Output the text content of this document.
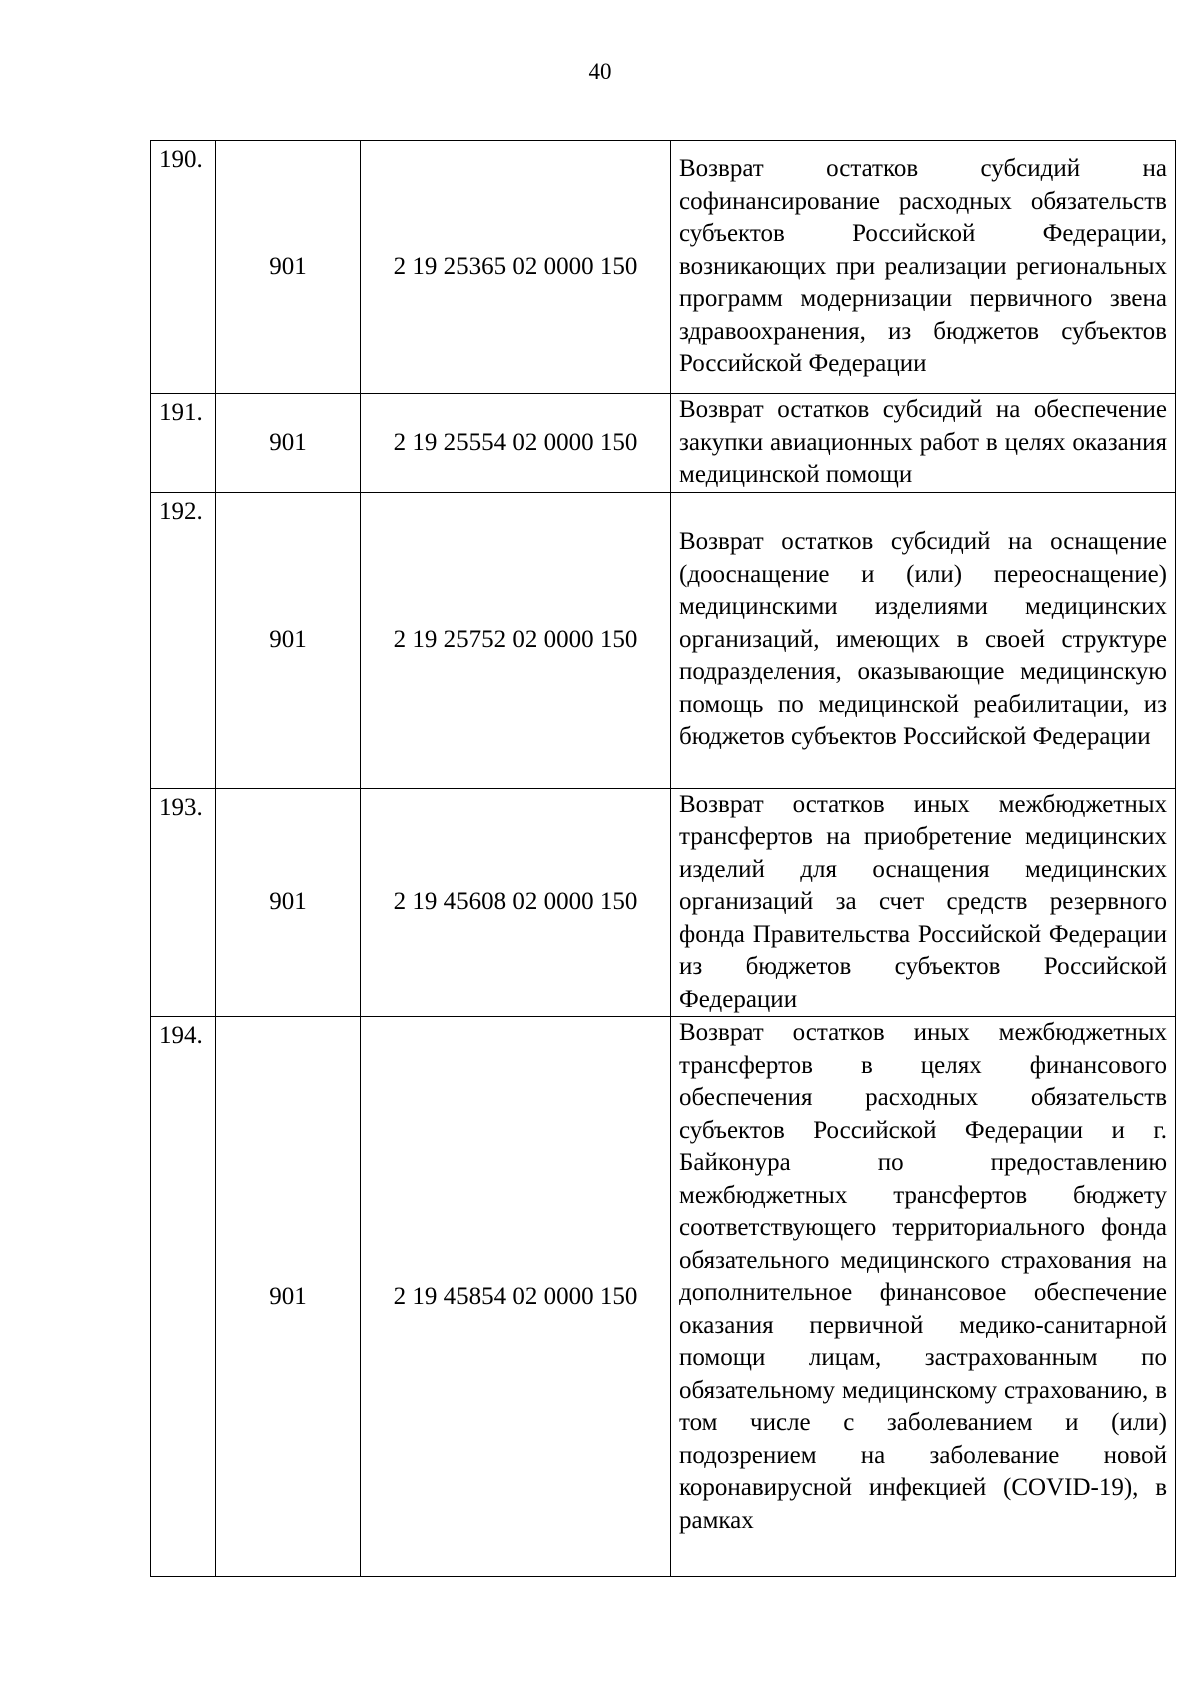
40
190.	901	2 19 25365 02 0000 150	Возврат остатков субсидий на софинансирование расходных обязательств субъектов Российской Федерации, возникающих при реализации региональных программ модернизации первичного звена здравоохранения, из бюджетов субъектов Российской Федерации

191.	901	2 19 25554 02 0000 150	Возврат остатков субсидий на обеспечение закупки авиационных работ в целях оказания медицинской помощи

192.	901	2 19 25752 02 0000 150	Возврат остатков субсидий на оснащение (дооснащение и (или) переоснащение) медицинскими изделиями медицинских организаций, имеющих в своей структуре подразделения, оказывающие медицинскую помощь по медицинской реабилитации, из бюджетов субъектов Российской Федерации

193.	901	2 19 45608 02 0000 150	Возврат остатков иных межбюджетных трансфертов на приобретение медицинских изделий для оснащения медицинских организаций за счет средств резервного фонда Правительства Российской Федерации из бюджетов субъектов Российской Федерации

194.	901	2 19 45854 02 0000 150	Возврат остатков иных межбюджетных трансфертов в целях финансового обеспечения расходных обязательств субъектов Российской Федерации и г. Байконура по предоставлению межбюджетных трансфертов бюджету соответствующего территориального фонда обязательного медицинского страхования на дополнительное финансовое обеспечение оказания первичной медико-санитарной помощи лицам, застрахованным по обязательному медицинскому страхованию, в том числе с заболеванием и (или) подозрением на заболевание новой коронавирусной инфекцией (COVID-19), в рамках
